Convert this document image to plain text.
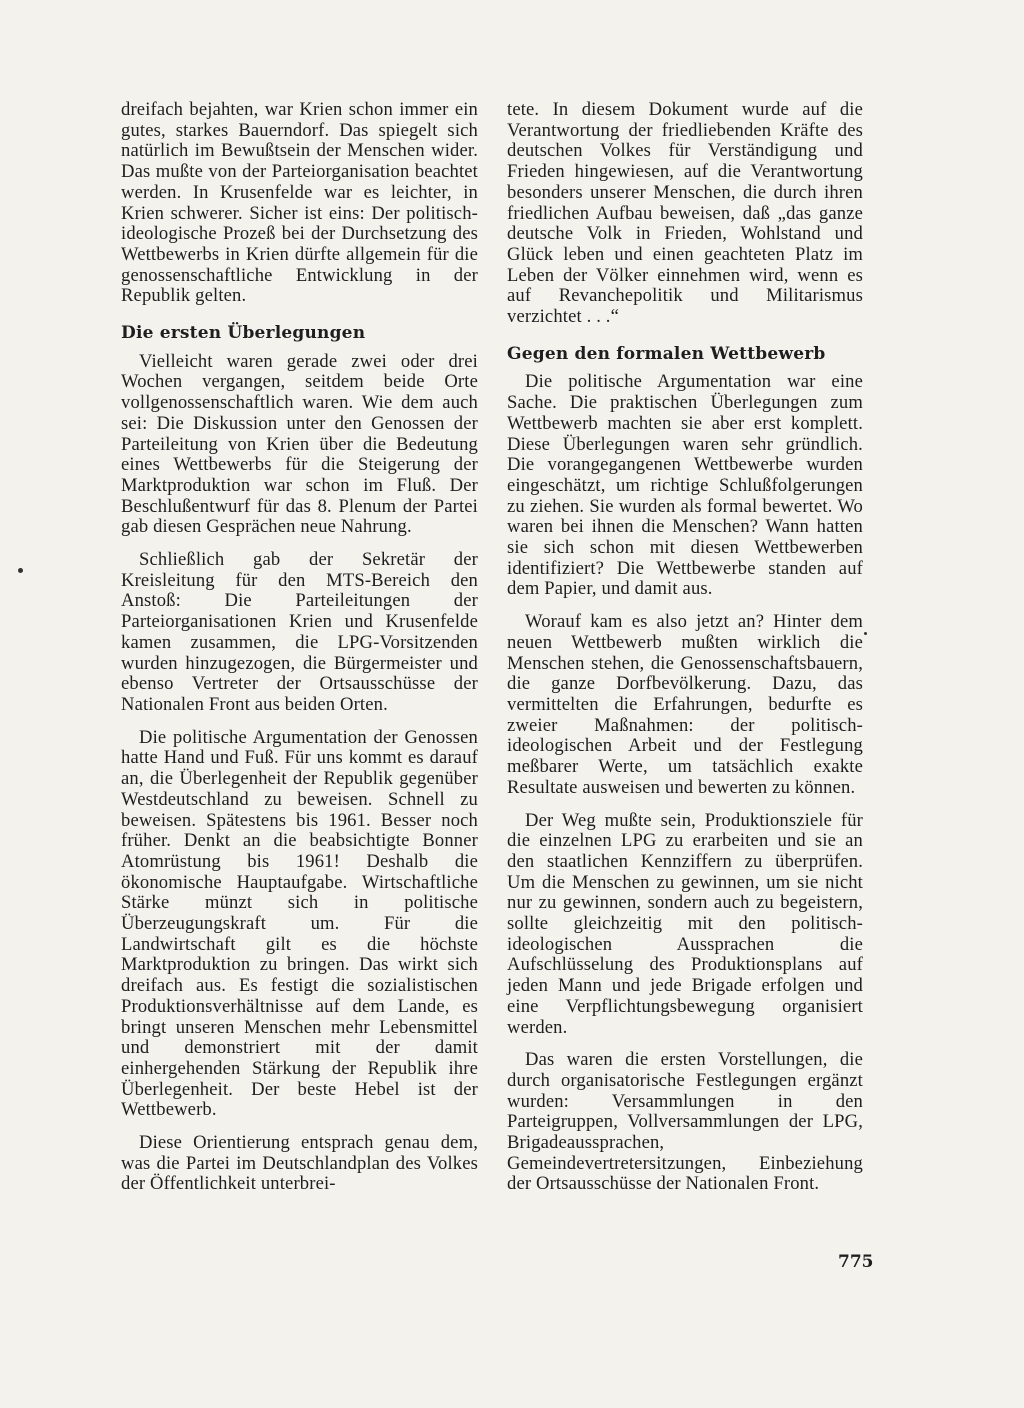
dreifach bejahten, war Krien schon immer ein gutes, starkes Bauerndorf. Das spiegelt sich natürlich im Bewußtsein der Menschen wider. Das mußte von der Parteiorganisation beachtet werden. In Krusenfelde war es leichter, in Krien schwerer. Sicher ist eins: Der politisch-ideologische Prozeß bei der Durchsetzung des Wettbewerbs in Krien dürfte allgemein für die genossenschaftliche Entwicklung in der Republik gelten.

Die ersten Überlegungen

Vielleicht waren gerade zwei oder drei Wochen vergangen, seitdem beide Orte vollgenossenschaftlich waren. Wie dem auch sei: Die Diskussion unter den Genossen der Parteileitung von Krien über die Bedeutung eines Wettbewerbs für die Steigerung der Marktproduktion war schon im Fluß. Der Beschlußentwurf für das 8. Plenum der Partei gab diesen Gesprächen neue Nahrung.

Schließlich gab der Sekretär der Kreisleitung für den MTS-Bereich den Anstoß: Die Parteileitungen der Parteiorganisationen Krien und Krusenfelde kamen zusammen, die LPG-Vorsitzenden wurden hinzugezogen, die Bürgermeister und ebenso Vertreter der Ortsausschüsse der Nationalen Front aus beiden Orten.

Die politische Argumentation der Genossen hatte Hand und Fuß. Für uns kommt es darauf an, die Überlegenheit der Republik gegenüber Westdeutschland zu beweisen. Schnell zu beweisen. Spätestens bis 1961. Besser noch früher. Denkt an die beabsichtigte Bonner Atomrüstung bis 1961! Deshalb die ökonomische Hauptaufgabe. Wirtschaftliche Stärke münzt sich in politische Überzeugungskraft um. Für die Landwirtschaft gilt es die höchste Marktproduktion zu bringen. Das wirkt sich dreifach aus. Es festigt die sozialistischen Produktionsverhältnisse auf dem Lande, es bringt unseren Menschen mehr Lebensmittel und demonstriert mit der damit einhergehenden Stärkung der Republik ihre Überlegenheit. Der beste Hebel ist der Wettbewerb.

Diese Orientierung entsprach genau dem, was die Partei im Deutschlandplan des Volkes der Öffentlichkeit unterbrei-

tete. In diesem Dokument wurde auf die Verantwortung der friedliebenden Kräfte des deutschen Volkes für Verständigung und Frieden hingewiesen, auf die Verantwortung besonders unserer Menschen, die durch ihren friedlichen Aufbau beweisen, daß „das ganze deutsche Volk in Frieden, Wohlstand und Glück leben und einen geachteten Platz im Leben der Völker einnehmen wird, wenn es auf Revanchepolitik und Militarismus verzichtet . . .“

Gegen den formalen Wettbewerb

Die politische Argumentation war eine Sache. Die praktischen Überlegungen zum Wettbewerb machten sie aber erst komplett. Diese Überlegungen waren sehr gründlich. Die vorangegangenen Wettbewerbe wurden eingeschätzt, um richtige Schlußfolgerungen zu ziehen. Sie wurden als formal bewertet. Wo waren bei ihnen die Menschen? Wann hatten sie sich schon mit diesen Wettbewerben identifiziert? Die Wettbewerbe standen auf dem Papier, und damit aus.

Worauf kam es also jetzt an? Hinter dem neuen Wettbewerb mußten wirklich die Menschen stehen, die Genossenschaftsbauern, die ganze Dorfbevölkerung. Dazu, das vermittelten die Erfahrungen, bedurfte es zweier Maßnahmen: der politisch-ideologischen Arbeit und der Festlegung meßbarer Werte, um tatsächlich exakte Resultate ausweisen und bewerten zu können.

Der Weg mußte sein, Produktionsziele für die einzelnen LPG zu erarbeiten und sie an den staatlichen Kennziffern zu überprüfen. Um die Menschen zu gewinnen, um sie nicht nur zu gewinnen, sondern auch zu begeistern, sollte gleichzeitig mit den politisch-ideologischen Aussprachen die Aufschlüsselung des Produktionsplans auf jeden Mann und jede Brigade erfolgen und eine Verpflichtungsbewegung organisiert werden.

Das waren die ersten Vorstellungen, die durch organisatorische Festlegungen ergänzt wurden: Versammlungen in den Parteigruppen, Vollversammlungen der LPG, Brigadeaussprachen, Gemeindevertretersitzungen, Einbeziehung der Ortsausschüsse der Nationalen Front.

775
